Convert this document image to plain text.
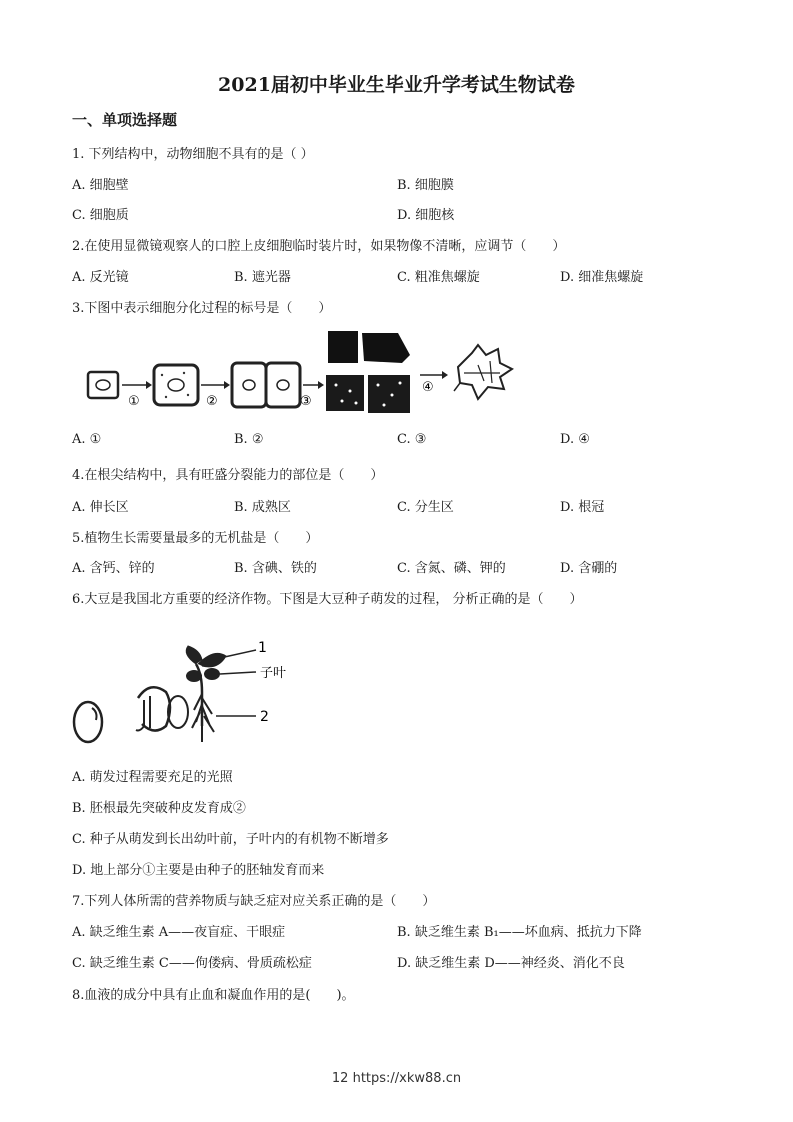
2021届初中毕业生毕业升学考试生物试卷
一、单项选择题
1. 下列结构中，动物细胞不具有的是（ ）
A. 细胞壁	B. 细胞膜
C. 细胞质	D. 细胞核
2.在使用显微镜观察人的口腔上皮细胞临时装片时，如果物像不清晰，应调节（　　）
A. 反光镜	B. 遮光器	C. 粗准焦螺旋	D. 细准焦螺旋
3.下图中表示细胞分化过程的标号是（　　）
①	②	③
④
A. ①	B. ②	C. ③	D. ④
4.在根尖结构中，具有旺盛分裂能力的部位是（　　）
A. 伸长区	B. 成熟区	C. 分生区	D. 根冠
5.植物生长需要量最多的无机盐是（　　）
A. 含钙、锌的	B. 含碘、铁的	C. 含氮、磷、钾的	D. 含硼的
6.大豆是我国北方重要的经济作物。下图是大豆种子萌发的过程， 分析正确的是（　　）
1
子叶
2
A. 萌发过程需要充足的光照
B. 胚根最先突破种皮发育成②
C. 种子从萌发到长出幼叶前，子叶内的有机物不断增多
D. 地上部分①主要是由种子的胚轴发育而来
7.下列人体所需的营养物质与缺乏症对应关系正确的是（　　）
A. 缺乏维生素 A——夜盲症、干眼症	B. 缺乏维生素 B₁——坏血病、抵抗力下降
C. 缺乏维生素 C——佝偻病、骨质疏松症	D. 缺乏维生素 D——神经炎、消化不良
8.血液的成分中具有止血和凝血作用的是(　　)。
12 https://xkw88.cn
